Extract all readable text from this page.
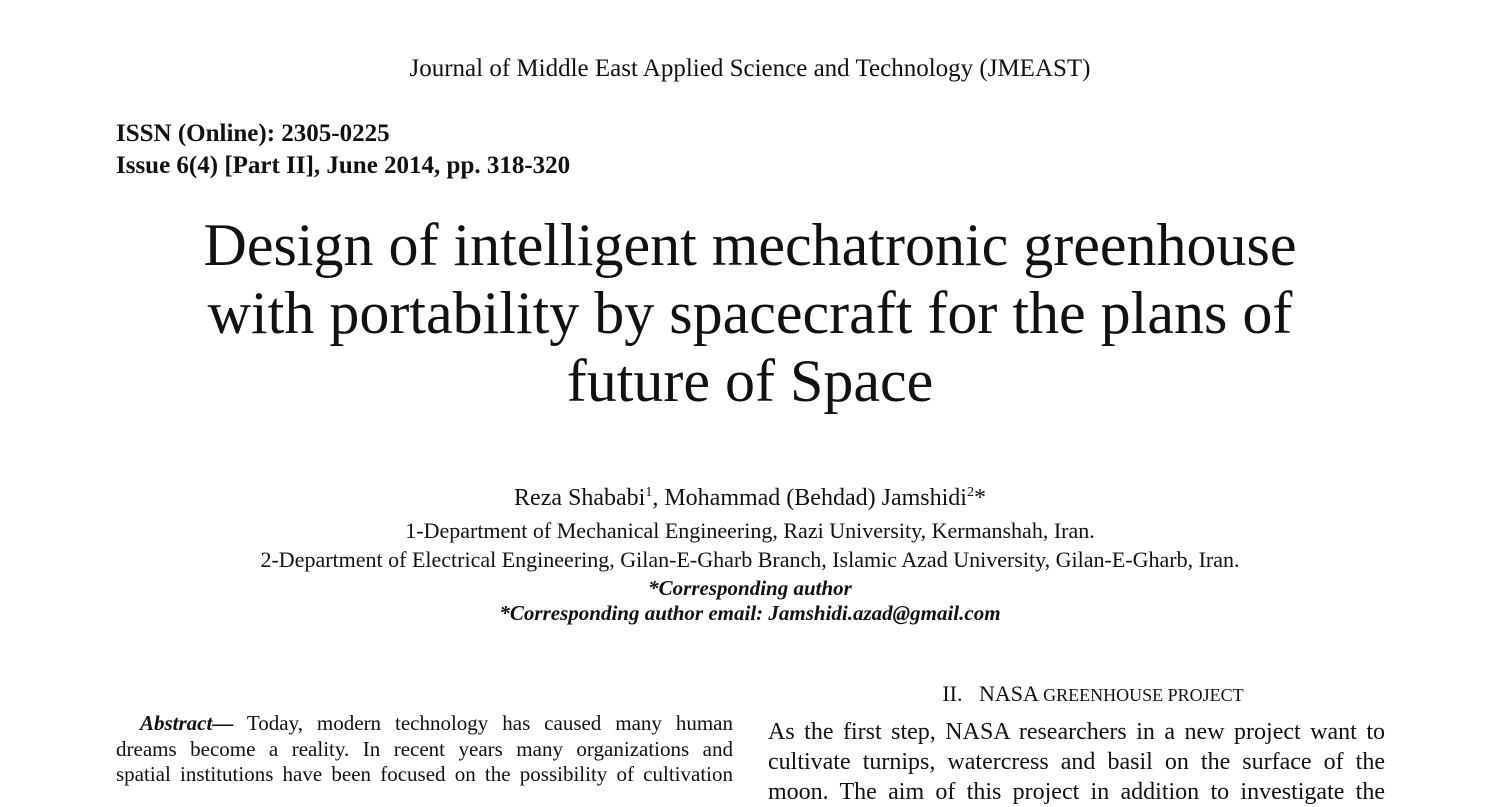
Journal of Middle East Applied Science and Technology (JMEAST)
ISSN (Online): 2305-0225
Issue 6(4) [Part II], June 2014, pp. 318-320
Design of intelligent mechatronic greenhouse
with portability by spacecraft for the plans of
future of Space
Reza Shababi$^1$, Mohammad (Behdad) Jamshidi$^2$*
1-Department of Mechanical Engineering, Razi University, Kermanshah, Iran.
2-Department of Electrical Engineering, Gilan-E-Gharb Branch, Islamic Azad University, Gilan-E-Gharb, Iran.
*Corresponding author
*Corresponding author email: Jamshidi.azad@gmail.com
Abstract— Today, modern technology has caused many human
dreams become a reality. In recent years many organizations and
spatial institutions have been focused on the possibility of cultivation
II. NASA GREENHOUSE PROJECT
As the first step, NASA researchers in a new project want to
cultivate turnips, watercress and basil on the surface of the
moon. The aim of this project in addition to investigate the
